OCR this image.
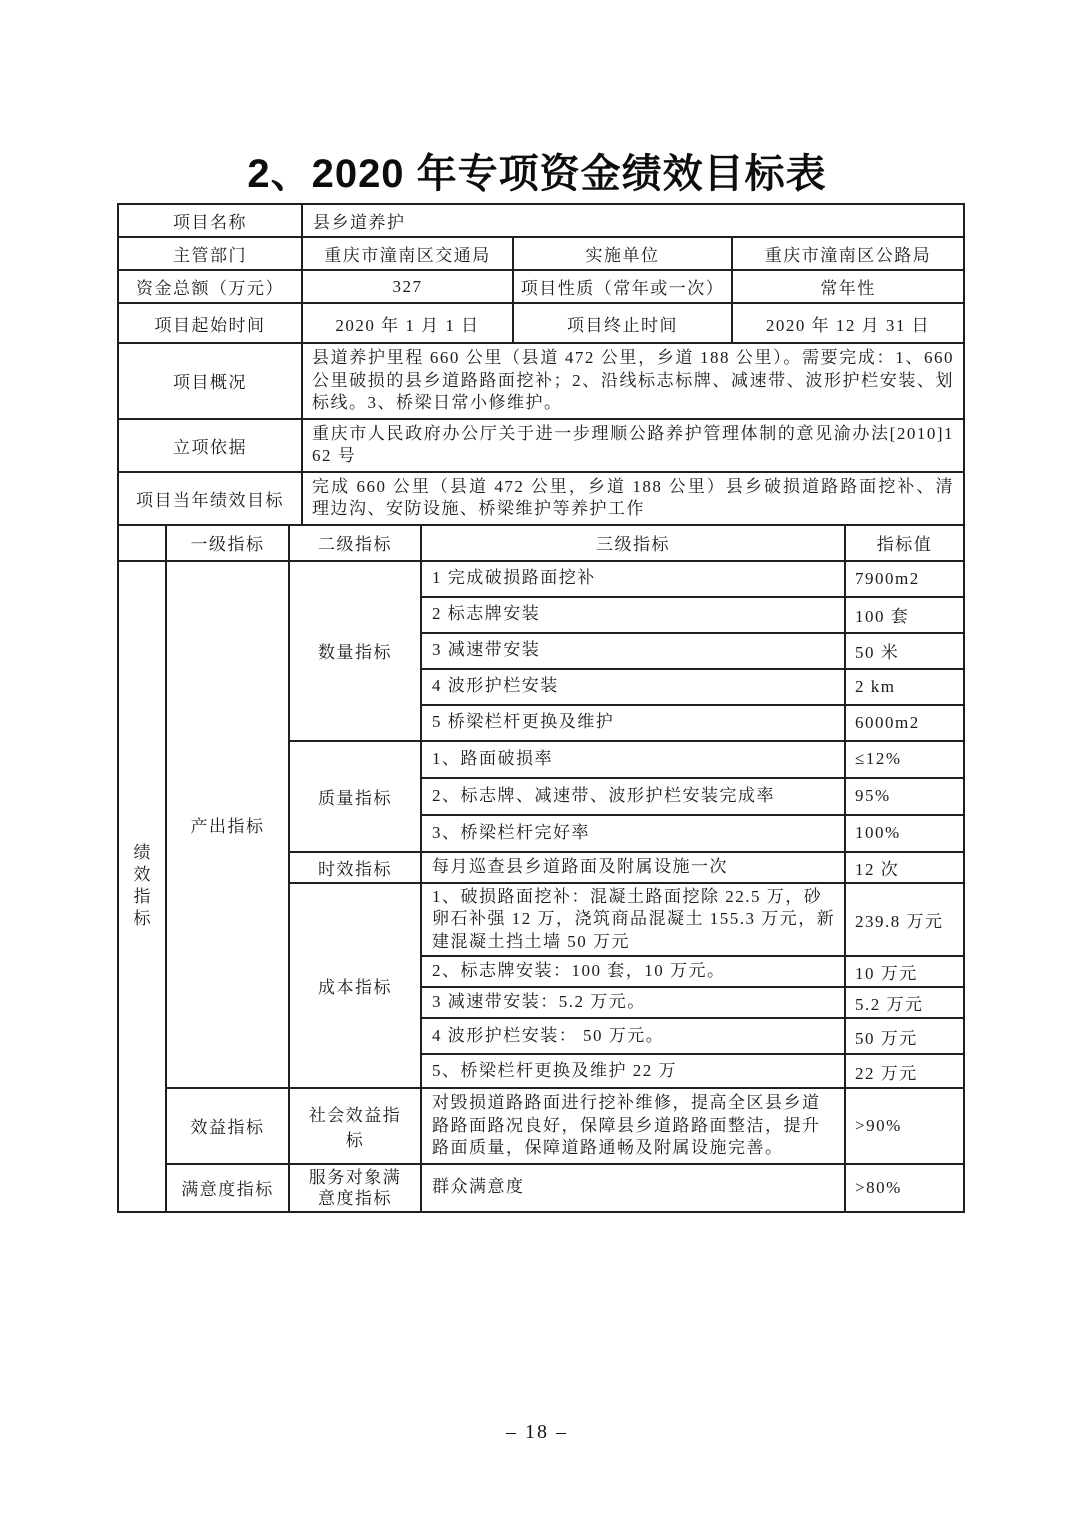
2、2020 年专项资金绩效目标表
项目名称	县乡道养护		
主管部门	重庆市潼南区交通局	实施单位	重庆市潼南区公路局
资金总额（万元）	327	项目性质（常年或一次）	常年性
项目起始时间	2020 年 1 月 1 日	项目终止时间	2020 年 12 月 31 日
项目概况	县道养护里程 660 公里（县道 472 公里，乡道 188 公里）。需要完成：1、660 公里破损的县乡道路路面挖补；2、沿线标志标牌、减速带、波形护栏安装、划标线。3、桥梁日常小修维护。		
立项依据	重庆市人民政府办公厅关于进一步理顺公路养护管理体制的意见渝办法[2010]162 号		
项目当年绩效目标	完成 660 公里（县道 472 公里，乡道 188 公里）县乡破损道路路面挖补、清理边沟、安防设施、桥梁维护等养护工作		
	一级指标	二级指标	三级指标	指标值
绩效指标	产出指标	数量指标	1 完成破损路面挖补	7900m2
			2 标志牌安装	100 套
			3 减速带安装	50 米
			4 波形护栏安装	2 km
			5 桥梁栏杆更换及维护	6000m2
		质量指标	1、路面破损率	≤12%
			2、标志牌、减速带、波形护栏安装完成率	95%
			3、桥梁栏杆完好率	100%
		时效指标	每月巡查县乡道路面及附属设施一次	12 次
		成本指标	1、破损路面挖补：混凝土路面挖除 22.5 万，砂卵石补强 12 万，浇筑商品混凝土 155.3 万元，新建混凝土挡土墙 50 万元	239.8 万元
			2、标志牌安装：100 套，10 万元。	10 万元
			3 减速带安装：5.2 万元。	5.2 万元
			4 波形护栏安装： 50 万元。	50 万元
			5、桥梁栏杆更换及维护 22 万	22 万元
	效益指标	社会效益指标	对毁损道路路面进行挖补维修，提高全区县乡道路路面路况良好，保障县乡道路路面整洁，提升路面质量，保障道路通畅及附属设施完善。	>90%
	满意度指标	服务对象满意度指标	群众满意度	>80%
– 18 –
